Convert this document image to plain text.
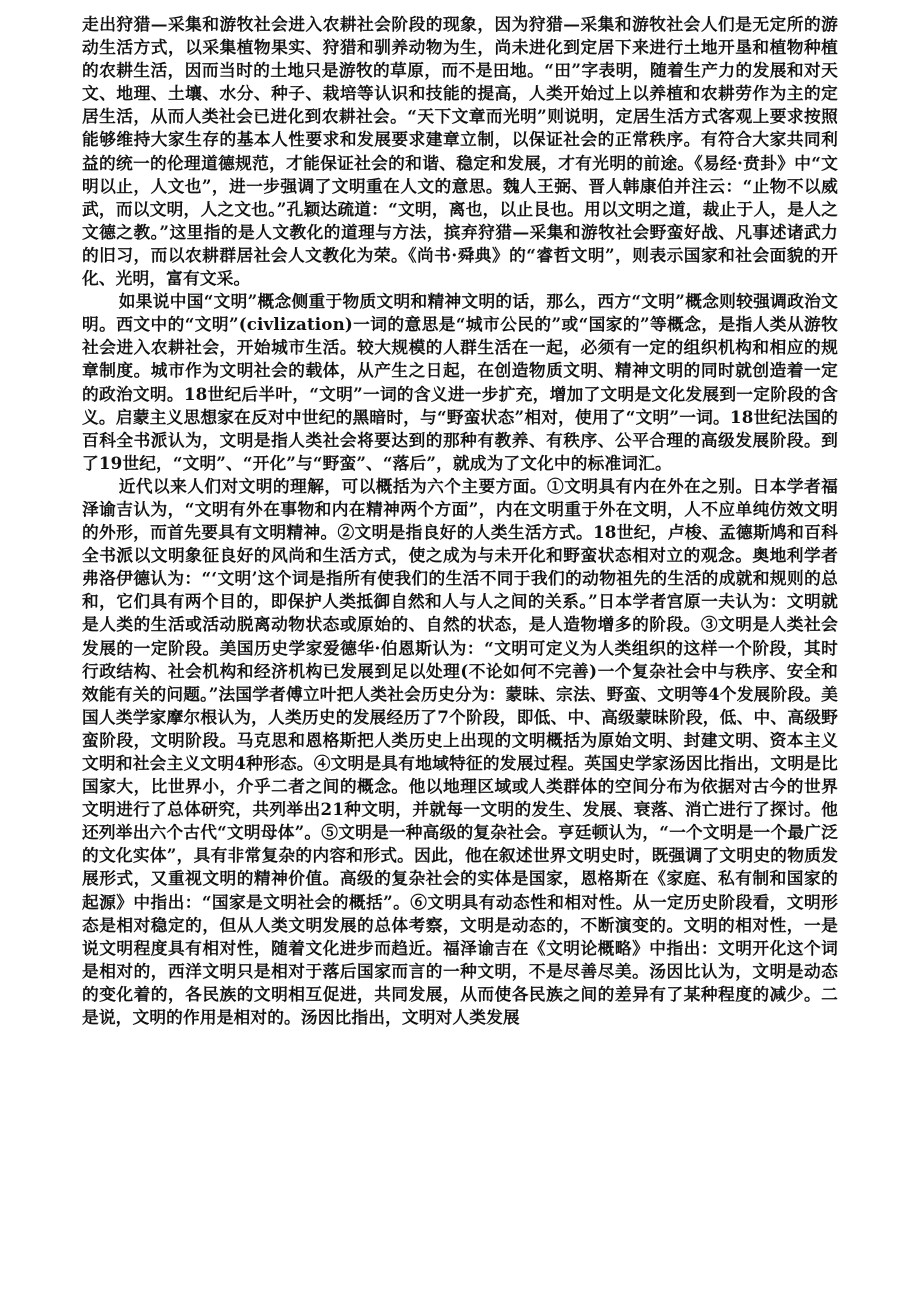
走出狩猎—采集和游牧社会进入农耕社会阶段的现象，因为狩猎—采集和游牧社会人们是无定所的游动生活方式，以采集植物果实、狩猎和驯养动物为生，尚未进化到定居下来进行土地开垦和植物种植的农耕生活，因而当时的土地只是游牧的草原，而不是田地。“田”字表明，随着生产力的发展和对天文、地理、土壤、水分、种子、栽培等认识和技能的提高，人类开始过上以养植和农耕劳作为主的定居生活，从而人类社会已进化到农耕社会。“天下文章而光明”则说明，定居生活方式客观上要求按照能够维持大家生存的基本人性要求和发展要求建章立制，以保证社会的正常秩序。有符合大家共同利益的统一的伦理道德规范，才能保证社会的和谐、稳定和发展，才有光明的前途。《易经·贲卦》中“文明以止，人文也”，进一步强调了文明重在人文的意思。魏人王弼、晋人韩康伯并注云：“止物不以威武，而以文明，人之文也。”孔颖达疏道：“文明，离也，以止艮也。用以文明之道，裁止于人，是人之文德之教。”这里指的是人文教化的道理与方法，摈弃狩猎—采集和游牧社会野蛮好战、凡事述诸武力的旧习，而以农耕群居社会人文教化为荣。《尚书·舜典》的“睿哲文明”，则表示国家和社会面貌的开化、光明，富有文采。

如果说中国“文明”概念侧重于物质文明和精神文明的话，那么，西方“文明”概念则较强调政治文明。西文中的“文明”(civlization)一词的意思是“城市公民的”或“国家的”等概念，是指人类从游牧社会进入农耕社会，开始城市生活。较大规模的人群生活在一起，必须有一定的组织机构和相应的规章制度。城市作为文明社会的载体，从产生之日起，在创造物质文明、精神文明的同时就创造着一定的政治文明。18世纪后半叶，“文明”一词的含义进一步扩充，增加了文明是文化发展到一定阶段的含义。启蒙主义思想家在反对中世纪的黑暗时，与“野蛮状态”相对，使用了“文明”一词。18世纪法国的百科全书派认为，文明是指人类社会将要达到的那种有教养、有秩序、公平合理的高级发展阶段。到了19世纪，“文明”、“开化”与“野蛮”、“落后”，就成为了文化中的标准词汇。

近代以来人们对文明的理解，可以概括为六个主要方面。①文明具有内在外在之别。日本学者福泽谕吉认为，“文明有外在事物和内在精神两个方面”，内在文明重于外在文明，人不应单纯仿效文明的外形，而首先要具有文明精神。②文明是指良好的人类生活方式。18世纪，卢梭、孟德斯鸠和百科全书派以文明象征良好的风尚和生活方式，使之成为与未开化和野蛮状态相对立的观念。奥地利学者弗洛伊德认为：“‘文明’这个词是指所有使我们的生活不同于我们的动物祖先的生活的成就和规则的总和，它们具有两个目的，即保护人类抵御自然和人与人之间的关系。”日本学者宫原一夫认为：文明就是人类的生活或活动脱离动物状态或原始的、自然的状态，是人造物增多的阶段。③文明是人类社会发展的一定阶段。美国历史学家爱德华·伯恩斯认为：“文明可定义为人类组织的这样一个阶段，其时行政结构、社会机构和经济机构已发展到足以处理(不论如何不完善)一个复杂社会中与秩序、安全和效能有关的问题。”法国学者傅立叶把人类社会历史分为：蒙昧、宗法、野蛮、文明等4个发展阶段。美国人类学家摩尔根认为，人类历史的发展经历了7个阶段，即低、中、高级蒙昧阶段，低、中、高级野蛮阶段，文明阶段。马克思和恩格斯把人类历史上出现的文明概括为原始文明、封建文明、资本主义文明和社会主义文明4种形态。④文明是具有地域特征的发展过程。英国史学家汤因比指出，文明是比国家大，比世界小，介乎二者之间的概念。他以地理区域或人类群体的空间分布为依据对古今的世界文明进行了总体研究，共列举出21种文明，并就每一文明的发生、发展、衰落、消亡进行了探讨。他还列举出六个古代“文明母体”。⑤文明是一种高级的复杂社会。亨廷顿认为，“一个文明是一个最广泛的文化实体”，具有非常复杂的内容和形式。因此，他在叙述世界文明史时，既强调了文明史的物质发展形式，又重视文明的精神价值。高级的复杂社会的实体是国家，恩格斯在《家庭、私有制和国家的起源》中指出：“国家是文明社会的概括”。⑥文明具有动态性和相对性。从一定历史阶段看，文明形态是相对稳定的，但从人类文明发展的总体考察，文明是动态的，不断演变的。文明的相对性，一是说文明程度具有相对性，随着文化进步而趋近。福泽谕吉在《文明论概略》中指出：文明开化这个词是相对的，西洋文明只是相对于落后国家而言的一种文明，不是尽善尽美。汤因比认为，文明是动态的变化着的，各民族的文明相互促进，共同发展，从而使各民族之间的差异有了某种程度的减少。二是说，文明的作用是相对的。汤因比指出，文明对人类发展
